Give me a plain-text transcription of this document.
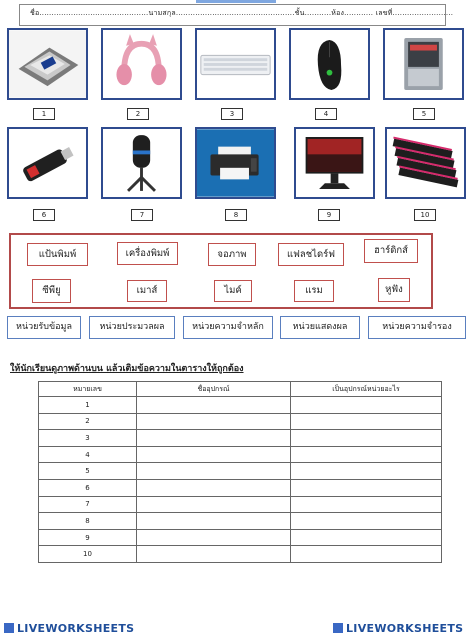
ชื่อ.............................................นามสกุล.................................................ชั้น...........ห้อง............ เลขที่.........................
1	2	3	4	5
6	7	8	9	10
แป้นพิมพ์	เครื่องพิมพ์	จอภาพ	แฟลชไดร์ฟ	ฮาร์ดิกส์
ซีพียู	เมาส์	ไมค์	แรม	หูฟัง
หน่วยรับข้อมูล	หน่วยประมวลผล	หน่วยความจำหลัก	หน่วยแสดงผล	หน่วยความจำรอง
ให้นักเรียนดูภาพด้านบน แล้วเติมข้อความในตารางให้ถูกต้อง
หมายเลข	ชื่ออุปกรณ์	เป็นอุปกรณ์หน่วยอะไร
1		
2		
3		
4		
5		
6		
7		
8		
9		
10		
LIVEWORKSHEETS	LIVEWORKSHEETS
